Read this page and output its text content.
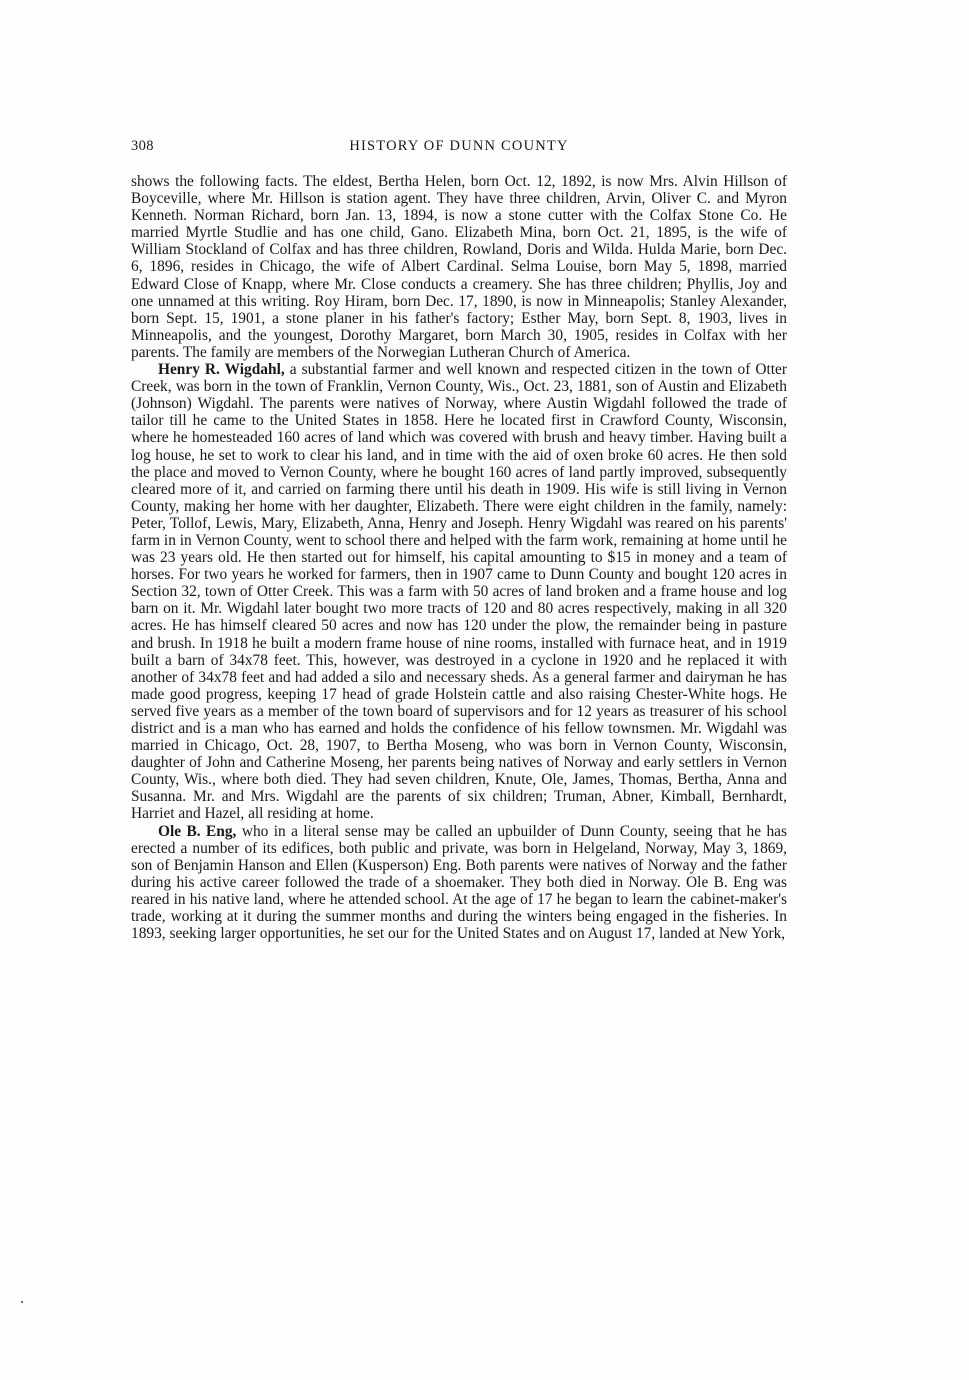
308	HISTORY OF DUNN COUNTY

shows the following facts. The eldest, Bertha Helen, born Oct. 12, 1892, is now Mrs. Alvin Hillson of Boyceville, where Mr. Hillson is station agent. They have three children, Arvin, Oliver C. and Myron Kenneth. Norman Richard, born Jan. 13, 1894, is now a stone cutter with the Colfax Stone Co. He married Myrtle Studlie and has one child, Gano. Elizabeth Mina, born Oct. 21, 1895, is the wife of William Stockland of Colfax and has three children, Rowland, Doris and Wilda. Hulda Marie, born Dec. 6, 1896, resides in Chicago, the wife of Albert Cardinal. Selma Louise, born May 5, 1898, married Edward Close of Knapp, where Mr. Close conducts a creamery. She has three children; Phyllis, Joy and one unnamed at this writing. Roy Hiram, born Dec. 17, 1890, is now in Minneapolis; Stanley Alexander, born Sept. 15, 1901, a stone planer in his father's factory; Esther May, born Sept. 8, 1903, lives in Minneapolis, and the youngest, Dorothy Margaret, born March 30, 1905, resides in Colfax with her parents. The family are members of the Norwegian Lutheran Church of America.

Henry R. Wigdahl, a substantial farmer and well known and respected citizen in the town of Otter Creek, was born in the town of Franklin, Vernon County, Wis., Oct. 23, 1881, son of Austin and Elizabeth (Johnson) Wigdahl. The parents were natives of Norway, where Austin Wigdahl followed the trade of tailor till he came to the United States in 1858. Here he located first in Crawford County, Wisconsin, where he homesteaded 160 acres of land which was covered with brush and heavy timber. Having built a log house, he set to work to clear his land, and in time with the aid of oxen broke 60 acres. He then sold the place and moved to Vernon County, where he bought 160 acres of land partly improved, subsequently cleared more of it, and carried on farming there until his death in 1909. His wife is still living in Vernon County, making her home with her daughter, Elizabeth. There were eight children in the family, namely: Peter, Tollof, Lewis, Mary, Elizabeth, Anna, Henry and Joseph. Henry Wigdahl was reared on his parents' farm in in Vernon County, went to school there and helped with the farm work, remaining at home until he was 23 years old. He then started out for himself, his capital amounting to $15 in money and a team of horses. For two years he worked for farmers, then in 1907 came to Dunn County and bought 120 acres in Section 32, town of Otter Creek. This was a farm with 50 acres of land broken and a frame house and log barn on it. Mr. Wigdahl later bought two more tracts of 120 and 80 acres respectively, making in all 320 acres. He has himself cleared 50 acres and now has 120 under the plow, the remainder being in pasture and brush. In 1918 he built a modern frame house of nine rooms, installed with furnace heat, and in 1919 built a barn of 34x78 feet. This, however, was destroyed in a cyclone in 1920 and he replaced it with another of 34x78 feet and had added a silo and necessary sheds. As a general farmer and dairyman he has made good progress, keeping 17 head of grade Holstein cattle and also raising Chester-White hogs. He served five years as a member of the town board of supervisors and for 12 years as treasurer of his school district and is a man who has earned and holds the confidence of his fellow townsmen. Mr. Wigdahl was married in Chicago, Oct. 28, 1907, to Bertha Moseng, who was born in Vernon County, Wisconsin, daughter of John and Catherine Moseng, her parents being natives of Norway and early settlers in Vernon County, Wis., where both died. They had seven children, Knute, Ole, James, Thomas, Bertha, Anna and Susanna. Mr. and Mrs. Wigdahl are the parents of six children; Truman, Abner, Kimball, Bernhardt, Harriet and Hazel, all residing at home.

Ole B. Eng, who in a literal sense may be called an upbuilder of Dunn County, seeing that he has erected a number of its edifices, both public and private, was born in Helgeland, Norway, May 3, 1869, son of Benjamin Hanson and Ellen (Kusperson) Eng. Both parents were natives of Norway and the father during his active career followed the trade of a shoemaker. They both died in Norway. Ole B. Eng was reared in his native land, where he attended school. At the age of 17 he began to learn the cabinet-maker's trade, working at it during the summer months and during the winters being engaged in the fisheries. In 1893, seeking larger opportunities, he set our for the United States and on August 17, landed at New York,
